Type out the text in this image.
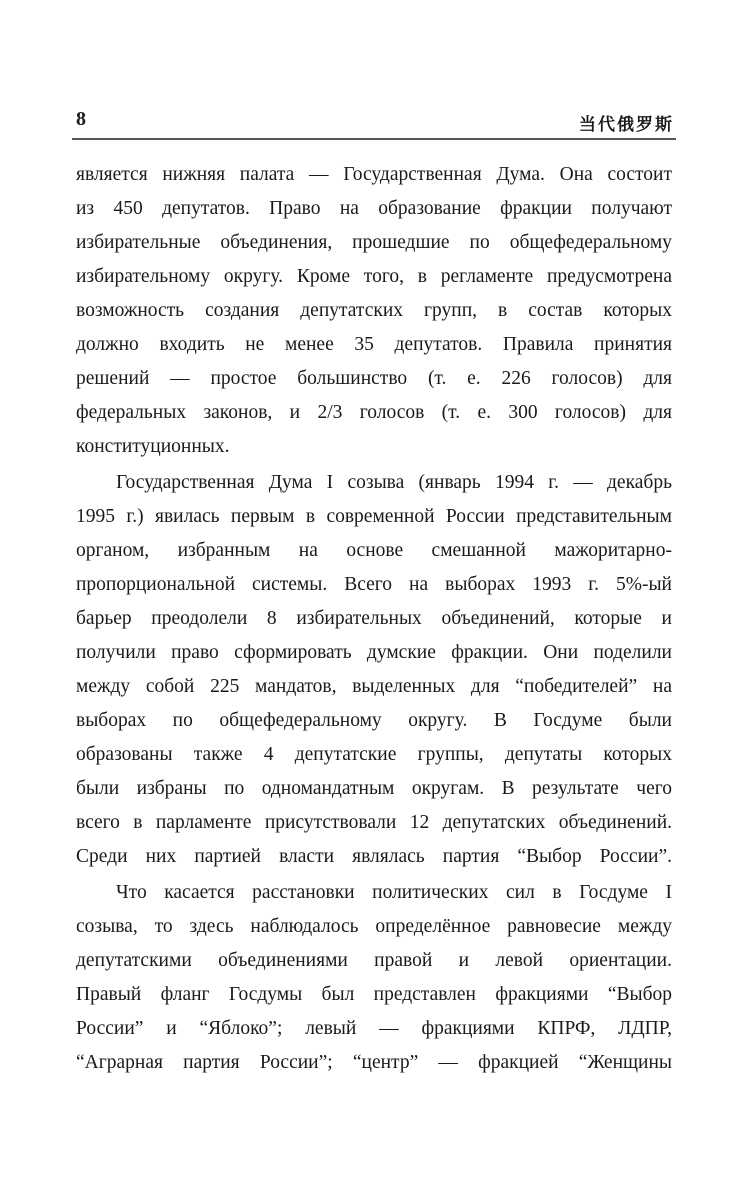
8	当代俄罗斯
является нижняя палата — Государственная Дума. Она состоит
из 450 депутатов. Право на образование фракции получают
избирательные объединения, прошедшие по общефедеральному
избирательному округу. Кроме того, в регламенте предусмотрена
возможность создания депутатских групп, в состав которых
должно входить не менее 35 депутатов. Правила принятия
решений — простое большинство (т. е. 226 голосов) для
федеральных законов, и 2/3 голосов (т. е. 300 голосов) для
конституционных.
Государственная Дума I созыва (январь 1994 г. — декабрь
1995 г.) явилась первым в современной России представительным
органом, избранным на основе смешанной мажоритарно-
пропорциональной системы. Всего на выборах 1993 г. 5%-ый
барьер преодолели 8 избирательных объединений, которые и
получили право сформировать думские фракции. Они поделили
между собой 225 мандатов, выделенных для “победителей” на
выборах по общефедеральному округу. В Госдуме были
образованы также 4 депутатские группы, депутаты которых
были избраны по одномандатным округам. В результате чего
всего в парламенте присутствовали 12 депутатских объединений.
Среди них партией власти являлась партия “Выбор России”.
Что касается расстановки политических сил в Госдуме I
созыва, то здесь наблюдалось определённое равновесие между
депутатскими объединениями правой и левой ориентации.
Правый фланг Госдумы был представлен фракциями “Выбор
России” и “Яблоко”; левый — фракциями КПРФ, ЛДПР,
“Аграрная партия России”; “центр” — фракцией “Женщины
